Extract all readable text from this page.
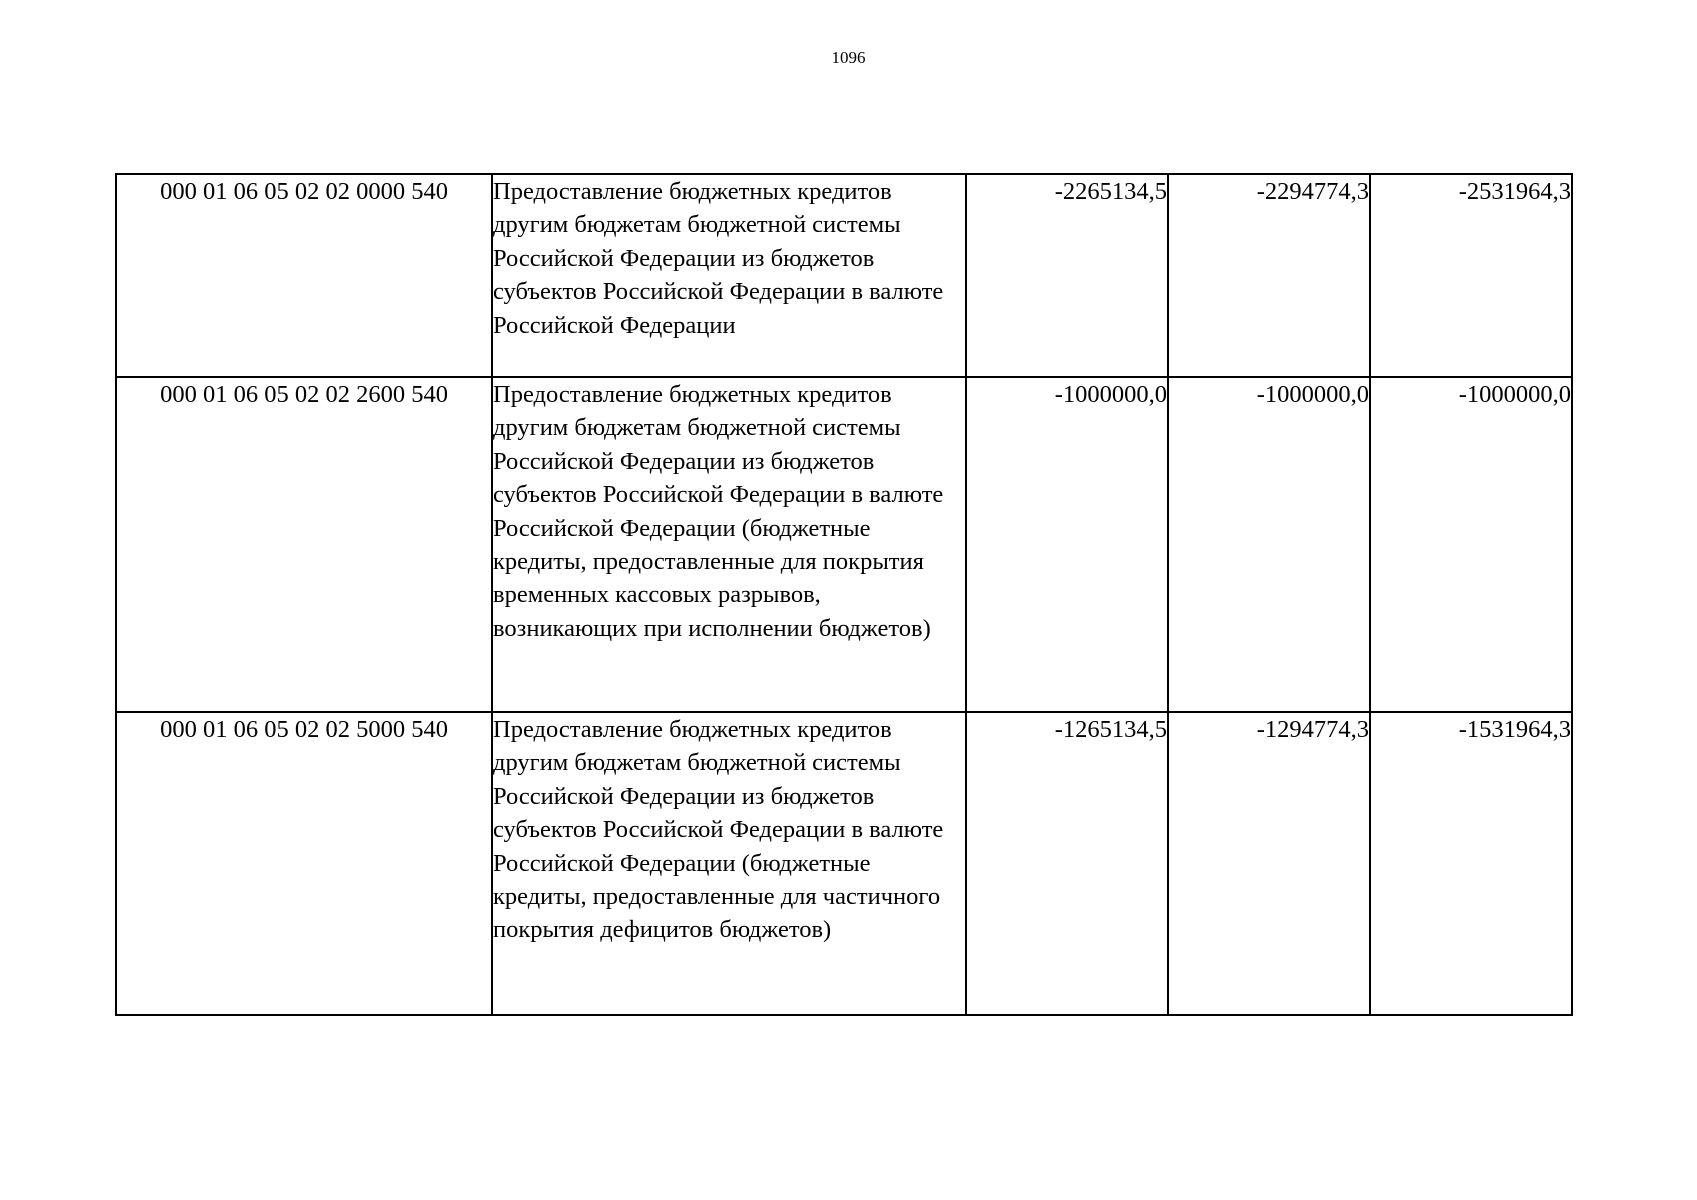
1096
000 01 06 05 02 02 0000 540	Предоставление бюджетных кредитов другим бюджетам бюджетной системы Российской Федерации из бюджетов субъектов Российской Федерации в валюте Российской Федерации	-2265134,5	-2294774,3	-2531964,3
000 01 06 05 02 02 2600 540	Предоставление бюджетных кредитов другим бюджетам бюджетной системы Российской Федерации из бюджетов субъектов Российской Федерации в валюте Российской Федерации (бюджетные кредиты, предоставленные для покрытия временных кассовых разрывов, возникающих при исполнении бюджетов)	-1000000,0	-1000000,0	-1000000,0
000 01 06 05 02 02 5000 540	Предоставление бюджетных кредитов другим бюджетам бюджетной системы Российской Федерации из бюджетов субъектов Российской Федерации в валюте Российской Федерации (бюджетные кредиты, предоставленные для частичного покрытия дефицитов бюджетов)	-1265134,5	-1294774,3	-1531964,3
